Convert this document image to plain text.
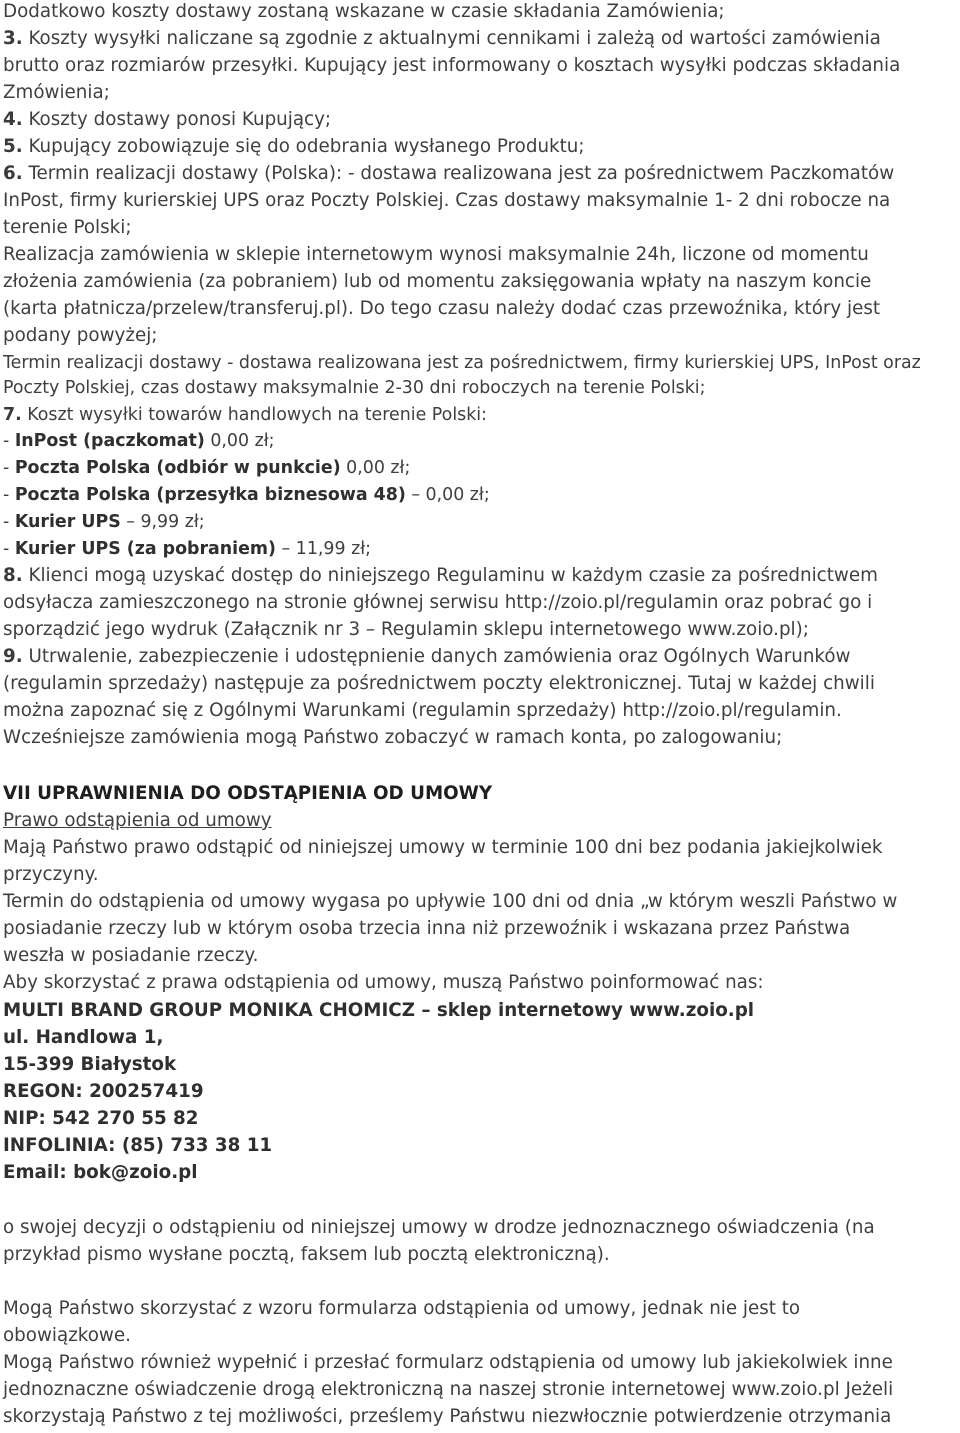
Dodatkowo koszty dostawy zostaną wskazane w czasie składania Zamówienia;
3. Koszty wysyłki naliczane są zgodnie z aktualnymi cennikami i zależą od wartości zamówienia
brutto oraz rozmiarów przesyłki. Kupujący jest informowany o kosztach wysyłki podczas składania
Zmówienia;
4. Koszty dostawy ponosi Kupujący;
5. Kupujący zobowiązuje się do odebrania wysłanego Produktu;
6. Termin realizacji dostawy (Polska): - dostawa realizowana jest za pośrednictwem Paczkomatów
InPost, firmy kurierskiej UPS oraz Poczty Polskiej. Czas dostawy maksymalnie 1- 2 dni robocze na
terenie Polski;
Realizacja zamówienia w sklepie internetowym wynosi maksymalnie 24h, liczone od momentu
złożenia zamówienia (za pobraniem) lub od momentu zaksięgowania wpłaty na naszym koncie
(karta płatnicza/przelew/transferuj.pl). Do tego czasu należy dodać czas przewoźnika, który jest
podany powyżej;
Termin realizacji dostawy - dostawa realizowana jest za pośrednictwem, firmy kurierskiej UPS, InPost oraz
Poczty Polskiej, czas dostawy maksymalnie 2-30 dni roboczych na terenie Polski;
7. Koszt wysyłki towarów handlowych na terenie Polski:
- InPost (paczkomat) 0,00 zł;
- Poczta Polska (odbiór w punkcie) 0,00 zł;
- Poczta Polska (przesyłka biznesowa 48) – 0,00 zł;
- Kurier UPS – 9,99 zł;
- Kurier UPS (za pobraniem) – 11,99 zł;
8. Klienci mogą uzyskać dostęp do niniejszego Regulaminu w każdym czasie za pośrednictwem
odsyłacza zamieszczonego na stronie głównej serwisu http://zoio.pl/regulamin oraz pobrać go i
sporządzić jego wydruk (Załącznik nr 3 – Regulamin sklepu internetowego www.zoio.pl);
9. Utrwalenie, zabezpieczenie i udostępnienie danych zamówienia oraz Ogólnych Warunków
(regulamin sprzedaży) następuje za pośrednictwem poczty elektronicznej. Tutaj w każdej chwili
można zapoznać się z Ogólnymi Warunkami (regulamin sprzedaży) http://zoio.pl/regulamin.
Wcześniejsze zamówienia mogą Państwo zobaczyć w ramach konta, po zalogowaniu;
VII UPRAWNIENIA DO ODSTĄPIENIA OD UMOWY
Prawo odstąpienia od umowy
Mają Państwo prawo odstąpić od niniejszej umowy w terminie 100 dni bez podania jakiejkolwiek
przyczyny.
Termin do odstąpienia od umowy wygasa po upływie 100 dni od dnia „w którym weszli Państwo w
posiadanie rzeczy lub w którym osoba trzecia inna niż przewoźnik i wskazana przez Państwa
weszła w posiadanie rzeczy.
Aby skorzystać z prawa odstąpienia od umowy, muszą Państwo poinformować nas:
MULTI BRAND GROUP MONIKA CHOMICZ – sklep internetowy www.zoio.pl
ul. Handlowa 1,
15-399 Białystok
REGON: 200257419
NIP: 542 270 55 82
INFOLINIA: (85) 733 38 11
Email: bok@zoio.pl
o swojej decyzji o odstąpieniu od niniejszej umowy w drodze jednoznacznego oświadczenia (na
przykład pismo wysłane pocztą, faksem lub pocztą elektroniczną).
Mogą Państwo skorzystać z wzoru formularza odstąpienia od umowy, jednak nie jest to
obowiązkowe.
Mogą Państwo również wypełnić i przesłać formularz odstąpienia od umowy lub jakiekolwiek inne
jednoznaczne oświadczenie drogą elektroniczną na naszej stronie internetowej www.zoio.pl Jeżeli
skorzystają Państwo z tej możliwości, prześlemy Państwu niezwłocznie potwierdzenie otrzymania
